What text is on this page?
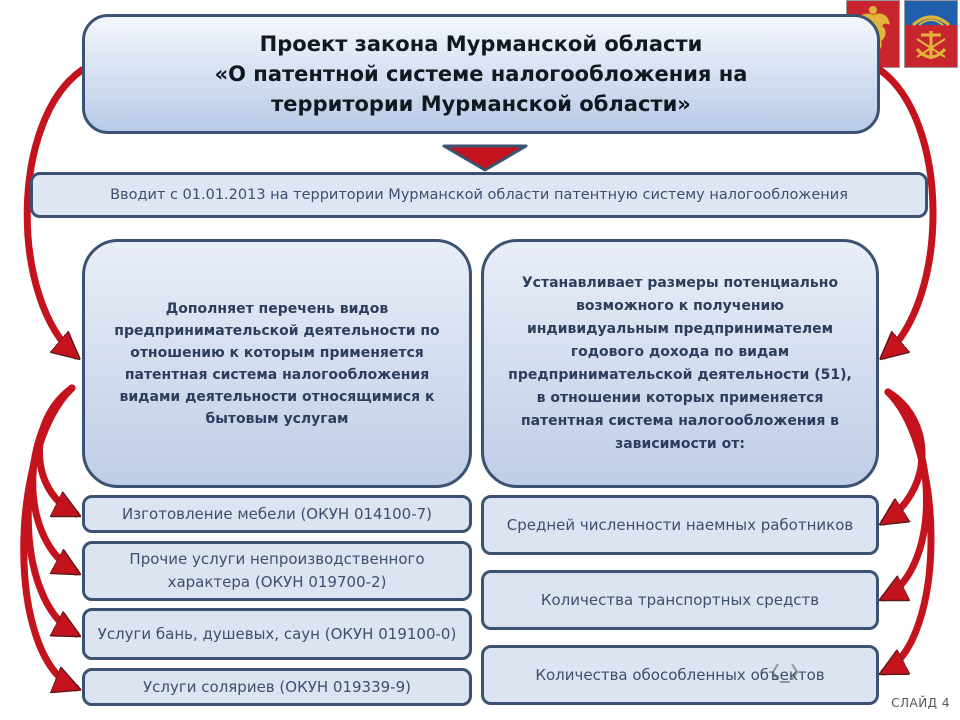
Проект закона Мурманской области
«О патентной системе налогообложения на
территории Мурманской области»
Вводит с 01.01.2013 на территории Мурманской области патентную систему налогообложения
Дополняет перечень видов предпринимательской деятельности по отношению к которым применяется патентная система налогообложения видами деятельности относящимися к бытовым услугам
Устанавливает размеры потенциально возможного к получению индивидуальным предпринимателем годового дохода по видам предпринимательской деятельности (51), в отношении которых применяется патентная система налогообложения в зависимости от:
Изготовление мебели (ОКУН 014100-7)
Прочие услуги непроизводственного характера (ОКУН 019700-2)
Услуги бань, душевых, саун (ОКУН 019100-0)
Услуги соляриев (ОКУН 019339-9)
Средней численности наемных работников
Количества транспортных средств
Количества обособленных объектов
СЛАЙД 4
